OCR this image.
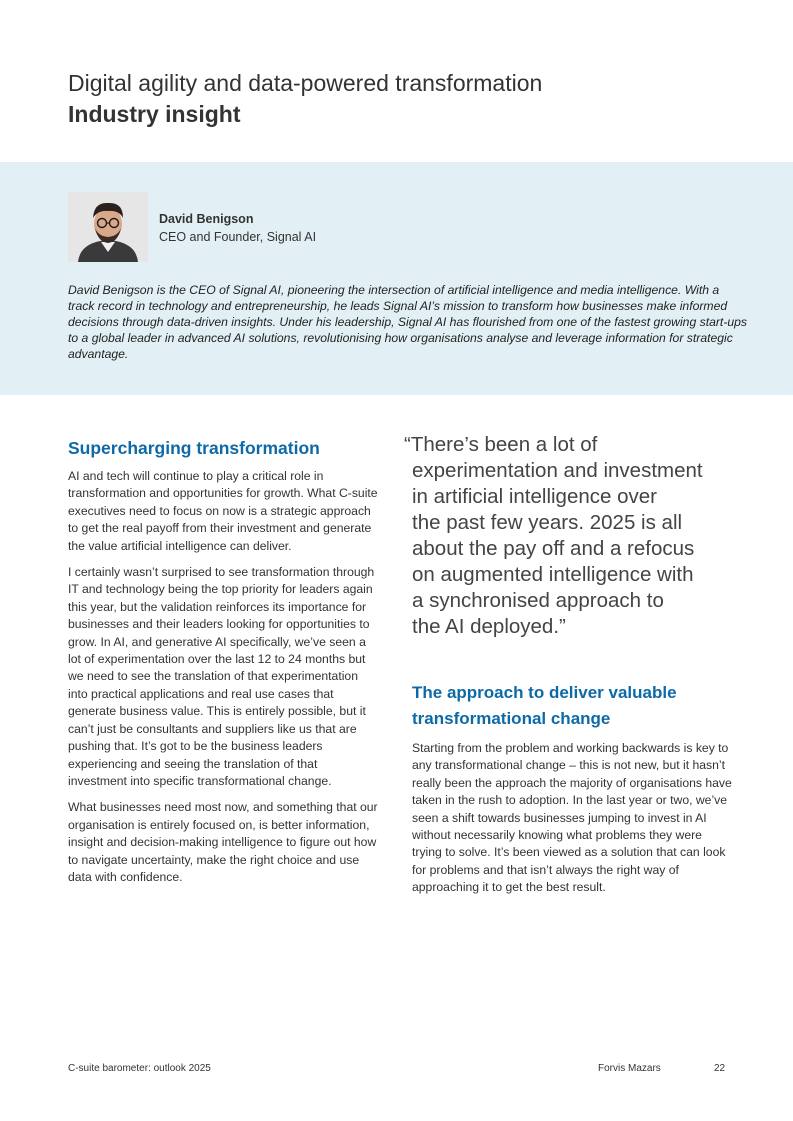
Digital agility and data-powered transformation
Industry insight
David Benigson
CEO and Founder, Signal AI
David Benigson is the CEO of Signal AI, pioneering the intersection of artificial intelligence and media intelligence. With a track record in technology and entrepreneurship, he leads Signal AI’s mission to transform how businesses make informed decisions through data-driven insights. Under his leadership, Signal AI has flourished from one of the fastest growing start-ups to a global leader in advanced AI solutions, revolutionising how organisations analyse and leverage information for strategic advantage.
Supercharging transformation

AI and tech will continue to play a critical role in transformation and opportunities for growth. What C-suite executives need to focus on now is a strategic approach to get the real payoff from their investment and generate the value artificial intelligence can deliver.

I certainly wasn’t surprised to see transformation through IT and technology being the top priority for leaders again this year, but the validation reinforces its importance for businesses and their leaders looking for opportunities to grow. In AI, and generative AI specifically, we’ve seen a lot of experimentation over the last 12 to 24 months but we need to see the translation of that experimentation into practical applications and real use cases that generate business value. This is entirely possible, but it can’t just be consultants and suppliers like us that are pushing that. It’s got to be the business leaders experiencing and seeing the translation of that investment into specific transformational change.

What businesses need most now, and something that our organisation is entirely focused on, is better information, insight and decision-making intelligence to figure out how to navigate uncertainty, make the right choice and use data with confidence.

“There’s been a lot of
experimentation and investment
in artificial intelligence over
the past few years. 2025 is all
about the pay off and a refocus
on augmented intelligence with
a synchronised approach to
the AI deployed.”
The approach to deliver valuable transformational change

Starting from the problem and working backwards is key to any transformational change – this is not new, but it hasn’t really been the approach the majority of organisations have taken in the rush to adoption. In the last year or two, we’ve seen a shift towards businesses jumping to invest in AI without necessarily knowing what problems they were trying to solve. It’s been viewed as a solution that can look for problems and that isn’t always the right way of approaching it to get the best result.

C-suite barometer: outlook 2025	Forvis Mazars	22
